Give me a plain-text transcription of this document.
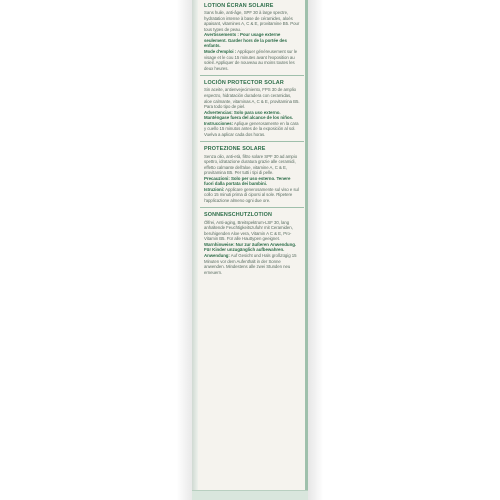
LOTION ÉCRAN SOLAIRE

Sans huile, anti-âge, SPF 30 à large spectre, hydratation intense à base de céramides, aloès apaisant, vitamines A, C & E, provitamine B5. Pour tous types de peau.

Avertissements : Pour usage externe seulement. Garder hors de la portée des enfants.

Mode d'emploi : Appliquer généreusement sur le visage et le cou 15 minutes avant l'exposition au soleil. Appliquer de nouveau au moins toutes les deux heures.

LOCIÓN PROTECTOR SOLAR

Sin aceite, antienvejecimiento, FPS 30 de amplio espectro, hidratación duradera con ceramidas, aloe calmante, vitaminas A, C & E, provitamina B5. Para todo tipo de piel.

Advertencias: Solo para uso externo. Manténgase fuera del alcance de los niños.

Instrucciones: Aplique generosamente en la cara y cuello 15 minutos antes de la exposición al sol. Vuelva a aplicar cada dos horas.

PROTEZIONE SOLARE

Senza olio, anti-età, filtro solare SPF 30 ad ampio spettro, idratazione duratura grazie alle ceramidi, effetto calmante dell'aloe, vitamine A, C & E, provitamina B5. Per tutti i tipi di pelle.

Precauzioni: Solo per uso esterno. Tenere fuori dalla portata dei bambini.

Istruzioni: Applicare generosamente sul viso e sul collo 15 minuti prima di ciporsi al sole. Ripetere l'applicazione almeno ogni due ore.

SONNENSCHUTZLOTION

Ölfrei, Anti-aging, Breitspektrum-LSF 30, lang anhaltende Feuchtigkeitszufuhr mit Ceramiden, beruhigenden Aloe vera, Vitamin A C & E, Pro-Vitamin B5. Für alle Hauttypen geeignet.

Warnhinweise: Nur zur äußeren Anwendung. Für Kinder unzugänglich aufbewahren.

Anwendung: Auf Gesicht und Hals großzügig 15 Minuten vor dem Aufenthalt in der Sonne anwenden. Mindestens alle zwei Stunden neu erneuern.
